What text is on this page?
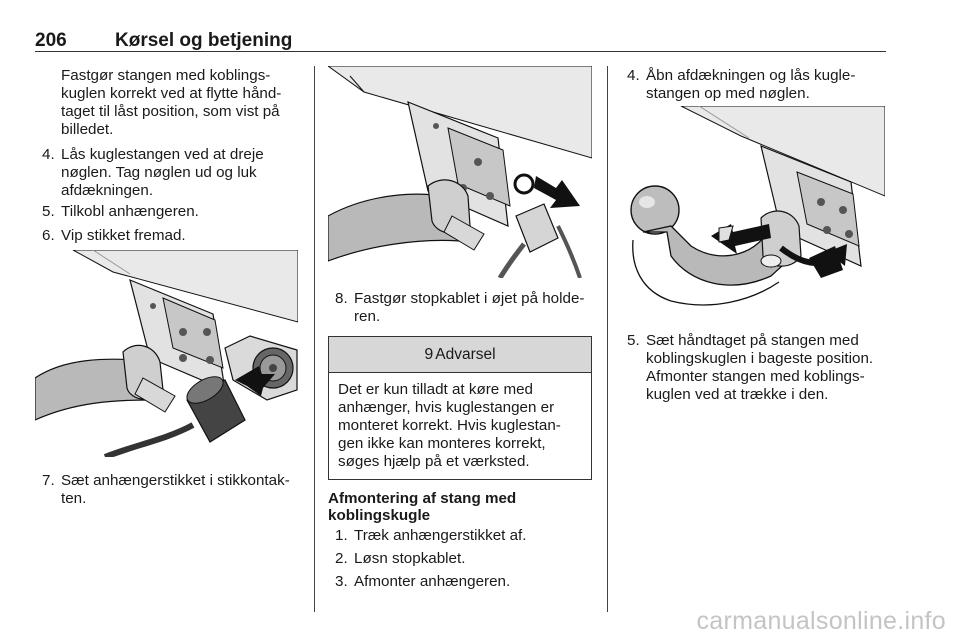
206	Kørsel og betjening
Fastgør stangen med koblings-
kuglen korrekt ved at flytte hånd-
taget til låst position, som vist på
billedet.
4. Lås kuglestangen ved at dreje
nøglen. Tag nøglen ud og luk
afdækningen.
5. Tilkobl anhængeren.
6. Vip stikket fremad.
7. Sæt anhængerstikket i stikkontak-
ten.
8. Fastgør stopkablet i øjet på holde-
ren.
9 Advarsel
Det er kun tilladt at køre med
anhænger, hvis kuglestangen er
monteret korrekt. Hvis kuglestan-
gen ikke kan monteres korrekt,
søges hjælp på et værksted.
Afmontering af stang med
koblingskugle
1. Træk anhængerstikket af.
2. Løsn stopkablet.
3. Afmonter anhængeren.
4. Åbn afdækningen og lås kugle-
stangen op med nøglen.
5. Sæt håndtaget på stangen med
koblingskuglen i bageste position.
Afmonter stangen med koblings-
kuglen ved at trække i den.
carmanualsonline.info
